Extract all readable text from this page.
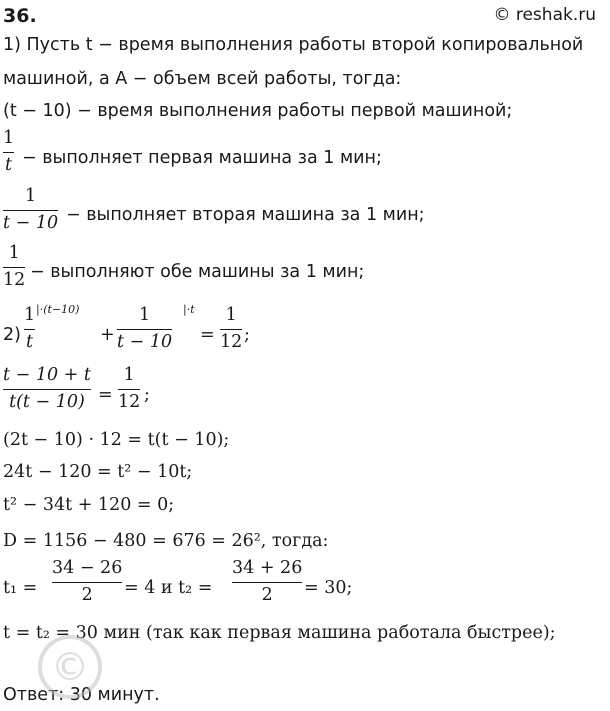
36.	© reshak.ru
1) Пусть t − время выполнения работы второй копировальной
машиной, а A − объем всей работы, тогда:
(t − 10) − время выполнения работы первой машиной;
1
t − выполняет первая машина за 1 мин;
1
t − 10 − выполняет вторая машина за 1 мин;
1
12 − выполняют обе машины за 1 мин;
2)
1
t
|·(t−10)
+
1
t − 10
|·t
=
1
12 ;
t − 10 + t
t(t − 10) =
1
12 ;
(2t − 10) · 12 = t(t − 10);
24t − 120 = t² − 10t;
t² − 34t + 120 = 0;
D = 1156 − 480 = 676 = 26², тогда:
t₁ =
34 − 26
2 = 4 и t₂ =
34 + 26
2 = 30;
t = t₂ = 30 мин (так как первая машина работала быстрее);
Ответ: 30 минут.
©
